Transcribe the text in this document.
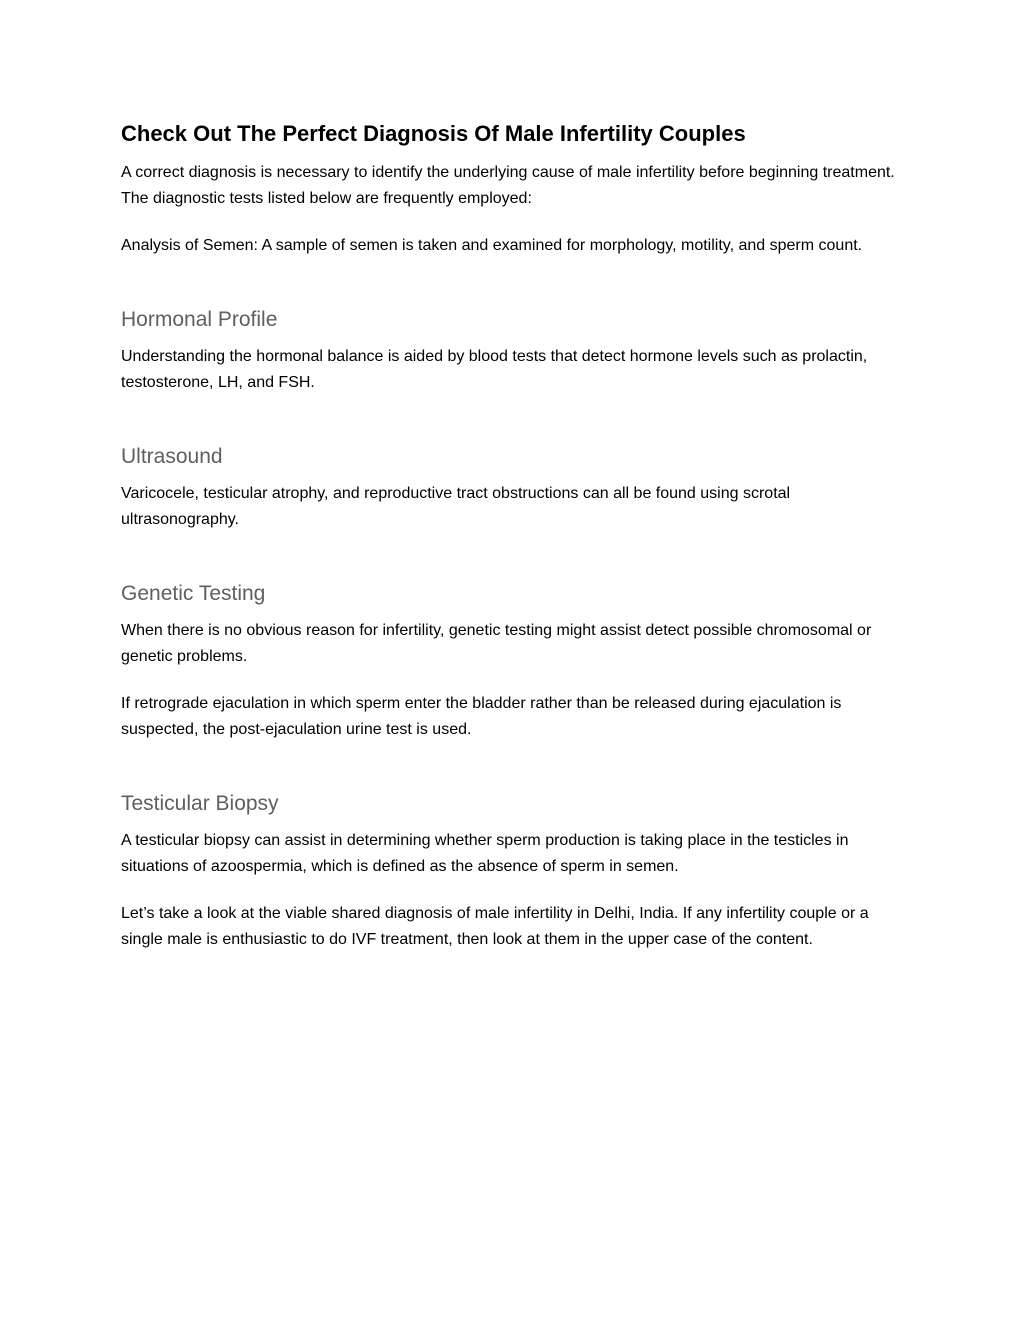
Check Out The Perfect Diagnosis Of Male Infertility Couples

A correct diagnosis is necessary to identify the underlying cause of male infertility before beginning treatment. The diagnostic tests listed below are frequently employed:

Analysis of Semen: A sample of semen is taken and examined for morphology, motility, and sperm count.

Hormonal Profile

Understanding the hormonal balance is aided by blood tests that detect hormone levels such as prolactin, testosterone, LH, and FSH.

Ultrasound

Varicocele, testicular atrophy, and reproductive tract obstructions can all be found using scrotal ultrasonography.

Genetic Testing

When there is no obvious reason for infertility, genetic testing might assist detect possible chromosomal or genetic problems.

If retrograde ejaculation in which sperm enter the bladder rather than be released during ejaculation is suspected, the post-ejaculation urine test is used.

Testicular Biopsy

A testicular biopsy can assist in determining whether sperm production is taking place in the testicles in situations of azoospermia, which is defined as the absence of sperm in semen.

Let’s take a look at the viable shared diagnosis of male infertility in Delhi, India. If any infertility couple or a single male is enthusiastic to do IVF treatment, then look at them in the upper case of the content.
